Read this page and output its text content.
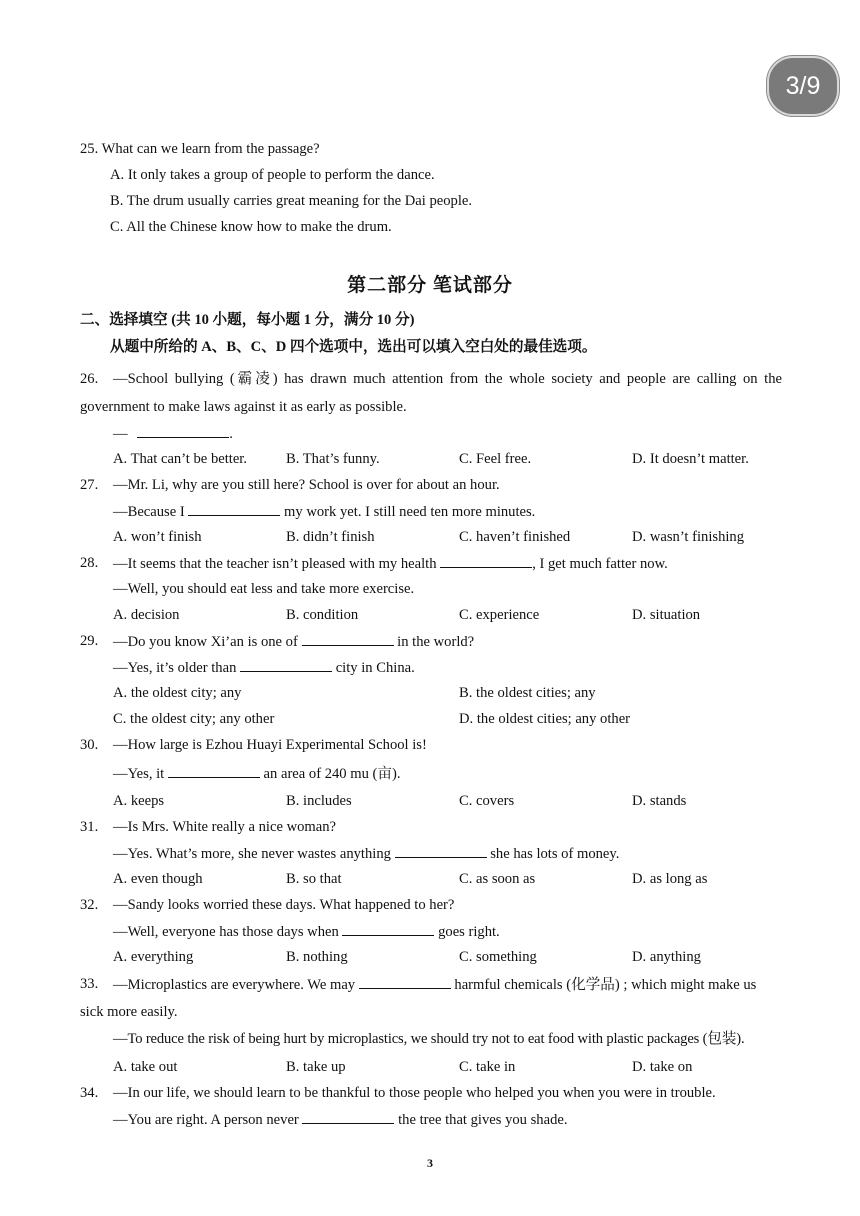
3/9
25. What can we learn from the passage?
A. It only takes a group of people to perform the dance.
B. The drum usually carries great meaning for the Dai people.
C. All the Chinese know how to make the drum.
第二部分 笔试部分
二、选择填空 (共 10 小题，每小题 1 分，满分 10 分)
从题中所给的 A、B、C、D 四个选项中，选出可以填入空白处的最佳选项。
26. —School bullying (霸凌) has drawn much attention from the whole society and people are calling on the
government to make laws against it as early as possible.
—	.
A. That can’t be better.	B. That’s funny.	C. Feel free.	D. It doesn’t matter.
27. —Mr. Li, why are you still here? School is over for about an hour.
—Because I	my work yet. I still need ten more minutes.
A. won’t finish	B. didn’t finish	C. haven’t finished	D. wasn’t finishing
28. —It seems that the teacher isn’t pleased with my health	, I get much fatter now.
—Well, you should eat less and take more exercise.
A. decision	B. condition	C. experience	D. situation
29. —Do you know Xi’an is one of	in the world?
—Yes, it’s older than	city in China.
A. the oldest city; any	B. the oldest cities; any
C. the oldest city; any other	D. the oldest cities; any other
30. —How large is Ezhou Huayi Experimental School is!
—Yes, it	an area of 240 mu (亩).
A. keeps	B. includes	C. covers	D. stands
31. —Is Mrs. White really a nice woman?
—Yes. What’s more, she never wastes anything	she has lots of money.
A. even though	B. so that	C. as soon as	D. as long as
32. —Sandy looks worried these days. What happened to her?
—Well, everyone has those days when	goes right.
A. everything	B. nothing	C. something	D. anything
33. —Microplastics are everywhere. We may	harmful chemicals (化学品) ; which might make us
sick more easily.
—To reduce the risk of being hurt by microplastics, we should try not to eat food with plastic packages (包装).
A. take out	B. take up	C. take in	D. take on
34. —In our life, we should learn to be thankful to those people who helped you when you were in trouble.
—You are right. A person never	the tree that gives you shade.
3
